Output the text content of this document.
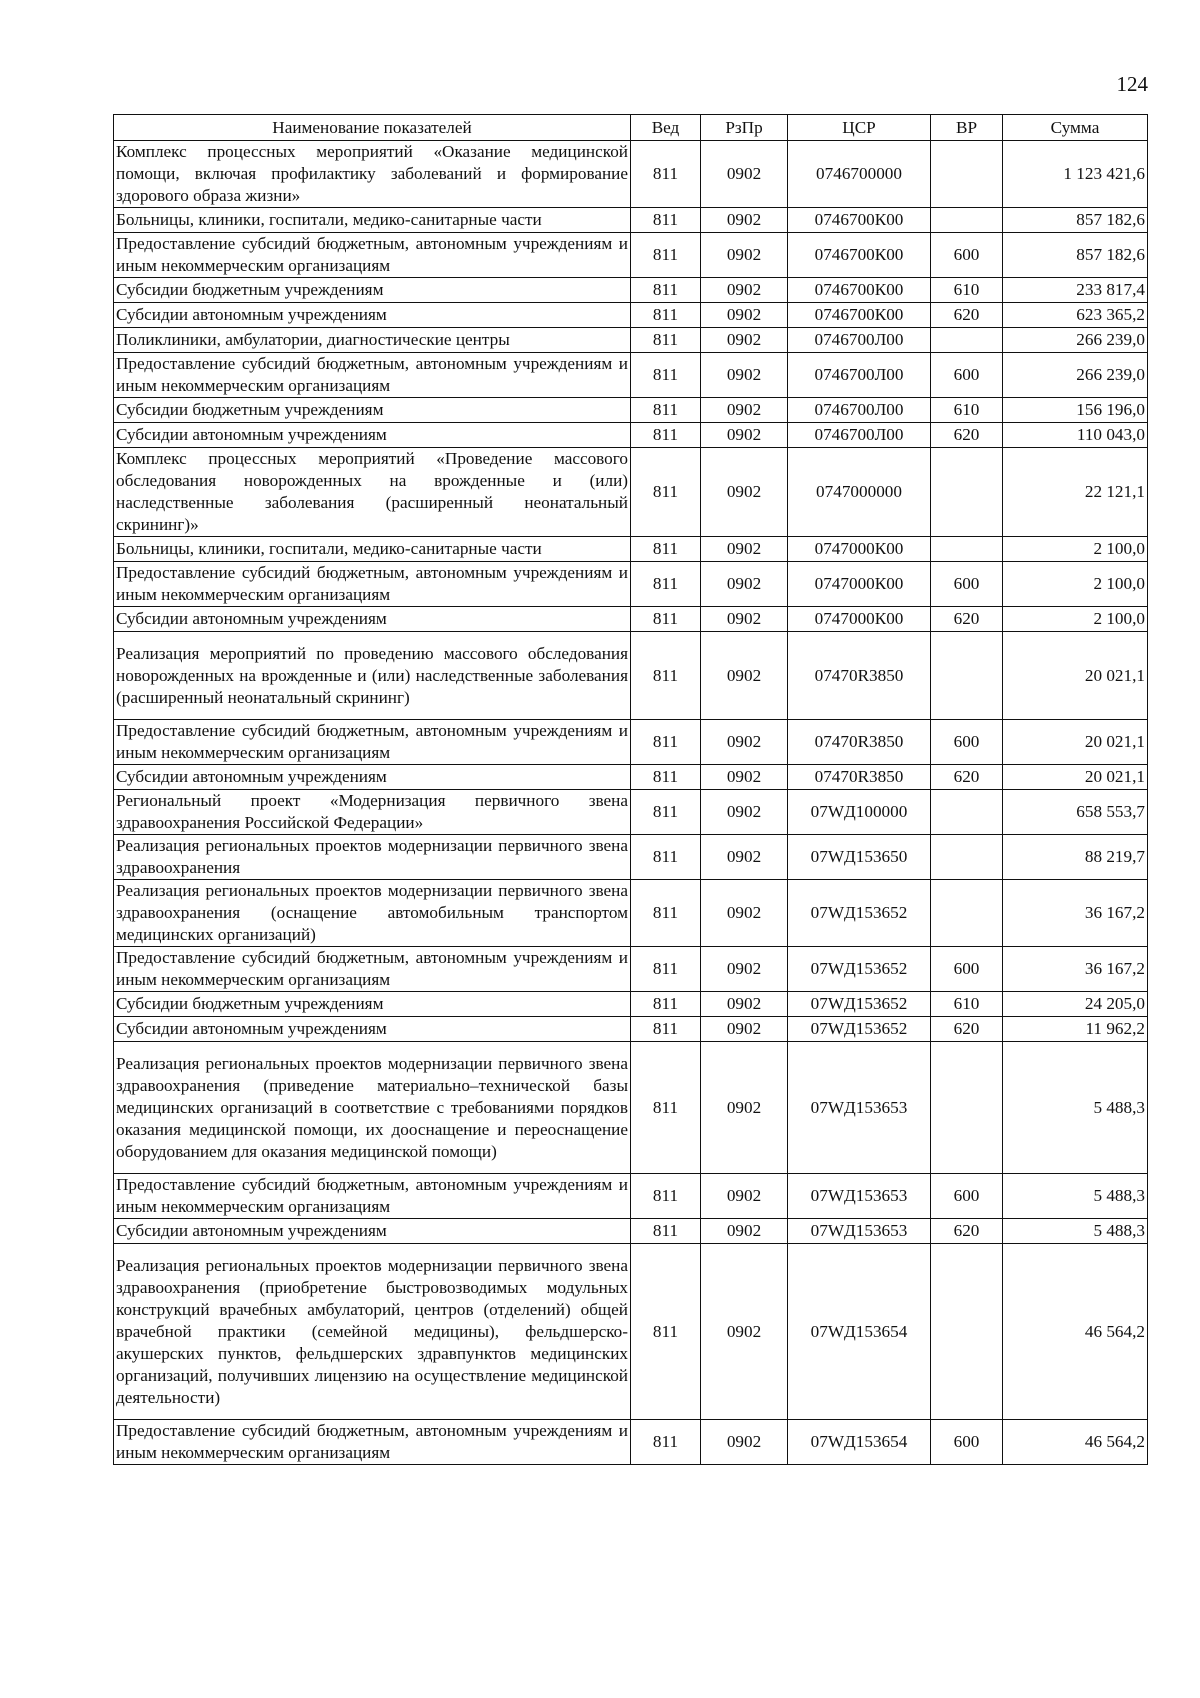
124
Наименование показателей	Вед	РзПр	ЦСР	ВР	Сумма
Комплекс процессных мероприятий «Оказание медицинской помощи, включая профилактику заболеваний и формирование здорового образа жизни»	811	0902	0746700000		1 123 421,6
Больницы, клиники, госпитали, медико-санитарные части	811	0902	0746700К00		857 182,6
Предоставление субсидий бюджетным, автономным учреждениям и иным некоммерческим организациям	811	0902	0746700К00	600	857 182,6
Субсидии бюджетным учреждениям	811	0902	0746700К00	610	233 817,4
Субсидии автономным учреждениям	811	0902	0746700К00	620	623 365,2
Поликлиники, амбулатории, диагностические центры	811	0902	0746700Л00		266 239,0
Предоставление субсидий бюджетным, автономным учреждениям и иным некоммерческим организациям	811	0902	0746700Л00	600	266 239,0
Субсидии бюджетным учреждениям	811	0902	0746700Л00	610	156 196,0
Субсидии автономным учреждениям	811	0902	0746700Л00	620	110 043,0
Комплекс процессных мероприятий «Проведение массового обследования новорожденных на врожденные и (или) наследственные заболевания (расширенный неонатальный скрининг)»	811	0902	0747000000		22 121,1
Больницы, клиники, госпитали, медико-санитарные части	811	0902	0747000К00		2 100,0
Предоставление субсидий бюджетным, автономным учреждениям и иным некоммерческим организациям	811	0902	0747000К00	600	2 100,0
Субсидии автономным учреждениям	811	0902	0747000К00	620	2 100,0
Реализация мероприятий по проведению массового обследования новорожденных на врожденные и (или) наследственные заболевания (расширенный неонатальный скрининг)	811	0902	07470R3850		20 021,1
Предоставление субсидий бюджетным, автономным учреждениям и иным некоммерческим организациям	811	0902	07470R3850	600	20 021,1
Субсидии автономным учреждениям	811	0902	07470R3850	620	20 021,1
Региональный проект «Модернизация первичного звена здравоохранения Российской Федерации»	811	0902	07WД100000		658 553,7
Реализация региональных проектов модернизации первичного звена здравоохранения	811	0902	07WД153650		88 219,7
Реализация региональных проектов модернизации первичного звена здравоохранения (оснащение автомобильным транспортом медицинских организаций)	811	0902	07WД153652		36 167,2
Предоставление субсидий бюджетным, автономным учреждениям и иным некоммерческим организациям	811	0902	07WД153652	600	36 167,2
Субсидии бюджетным учреждениям	811	0902	07WД153652	610	24 205,0
Субсидии автономным учреждениям	811	0902	07WД153652	620	11 962,2
Реализация региональных проектов модернизации первичного звена здравоохранения (приведение материально–технической базы медицинских организаций в соответствие с требованиями порядков оказания медицинской помощи, их дооснащение и переоснащение оборудованием для оказания медицинской помощи)	811	0902	07WД153653		5 488,3
Предоставление субсидий бюджетным, автономным учреждениям и иным некоммерческим организациям	811	0902	07WД153653	600	5 488,3
Субсидии автономным учреждениям	811	0902	07WД153653	620	5 488,3
Реализация региональных проектов модернизации первичного звена здравоохранения (приобретение быстровозводимых модульных конструкций врачебных амбулаторий, центров (отделений) общей врачебной практики (семейной медицины), фельдшерско-акушерских пунктов, фельдшерских здравпунктов медицинских организаций, получивших лицензию на осуществление медицинской деятельности)	811	0902	07WД153654		46 564,2
Предоставление субсидий бюджетным, автономным учреждениям и иным некоммерческим организациям	811	0902	07WД153654	600	46 564,2
